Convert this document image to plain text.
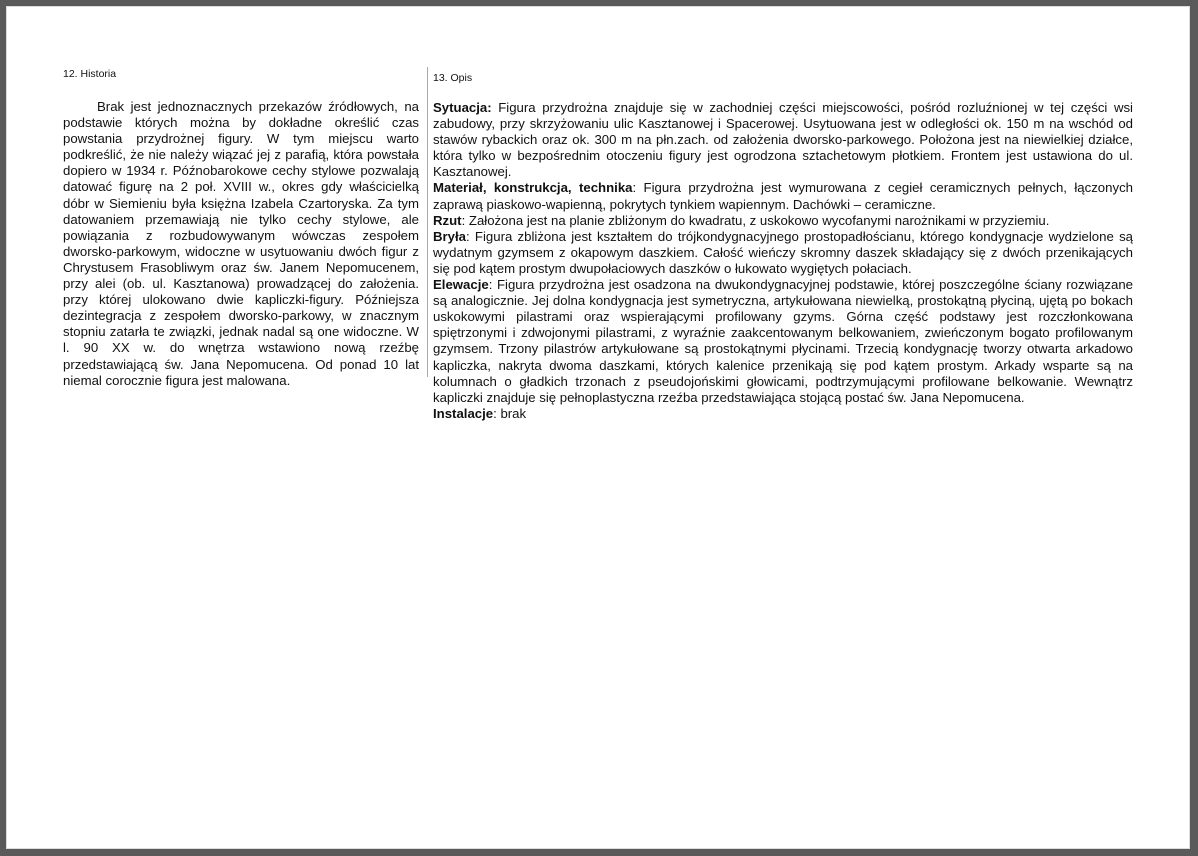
12. Historia

Brak jest jednoznacznych przekazów źródłowych, na podstawie których można by dokładne określić czas powstania przydrożnej figury. W tym miejscu warto podkreślić, że nie należy wiązać jej z parafią, która powstała dopiero w 1934 r. Późnobarokowe cechy stylowe pozwalają datować figurę na 2 poł. XVIII w., okres gdy właścicielką dóbr w Siemieniu była księżna Izabela Czartoryska. Za tym datowaniem przemawiają nie tylko cechy stylowe, ale powiązania z rozbudowywanym wówczas zespołem dworsko-parkowym, widoczne w usytuowaniu dwóch figur z Chrystusem Frasobliwym oraz św. Janem Nepomucenem, przy alei (ob. ul. Kasztanowa) prowadzącej do założenia. przy której ulokowano dwie kapliczki-figury. Późniejsza dezintegracja z zespołem dworsko-parkowy, w znacznym stopniu zatarła te związki, jednak nadal są one widoczne. W l. 90 XX w. do wnętrza wstawiono nową rzeźbę przedstawiającą św. Jana Nepomucena. Od ponad 10 lat niemal corocznie figura jest malowana.

13. Opis

Sytuacja: Figura przydrożna znajduje się w zachodniej części miejscowości, pośród rozluźnionej w tej części wsi zabudowy, przy skrzyżowaniu ulic Kasztanowej i Spacerowej. Usytuowana jest w odległości ok. 150 m na wschód od stawów rybackich oraz ok. 300 m na płn.zach. od założenia dworsko-parkowego. Położona jest na niewielkiej działce, która tylko w bezpośrednim otoczeniu figury jest ogrodzona sztachetowym płotkiem. Frontem jest ustawiona do ul. Kasztanowej.

Materiał, konstrukcja, technika: Figura przydrożna jest wymurowana z cegieł ceramicznych pełnych, łączonych zaprawą piaskowo-wapienną, pokrytych tynkiem wapiennym. Dachówki – ceramiczne.

Rzut: Założona jest na planie zbliżonym do kwadratu, z uskokowo wycofanymi narożnikami w przyziemiu.

Bryła: Figura zbliżona jest kształtem do trójkondygnacyjnego prostopadłościanu, którego kondygnacje wydzielone są wydatnym gzymsem z okapowym daszkiem. Całość wieńczy skromny daszek składający się z dwóch przenikających się pod kątem prostym dwupołaciowych daszków o łukowato wygiętych połaciach.

Elewacje: Figura przydrożna jest osadzona na dwukondygnacyjnej podstawie, której poszczególne ściany rozwiązane są analogicznie. Jej dolna kondygnacja jest symetryczna, artykułowana niewielką, prostokątną płyciną, ujętą po bokach uskokowymi pilastrami oraz wspierającymi profilowany gzyms. Górna część podstawy jest rozczłonkowana spiętrzonymi i zdwojonymi pilastrami, z wyraźnie zaakcentowanym belkowaniem, zwieńczonym bogato profilowanym gzymsem. Trzony pilastrów artykułowane są prostokątnymi płycinami. Trzecią kondygnację tworzy otwarta arkadowo kapliczka, nakryta dwoma daszkami, których kalenice przenikają się pod kątem prostym. Arkady wsparte są na kolumnach o gładkich trzonach z pseudojońskimi głowicami, podtrzymującymi profilowane belkowanie. Wewnątrz kapliczki znajduje się pełnoplastyczna rzeźba przedstawiająca stojącą postać św. Jana Nepomucena.

Instalacje: brak
